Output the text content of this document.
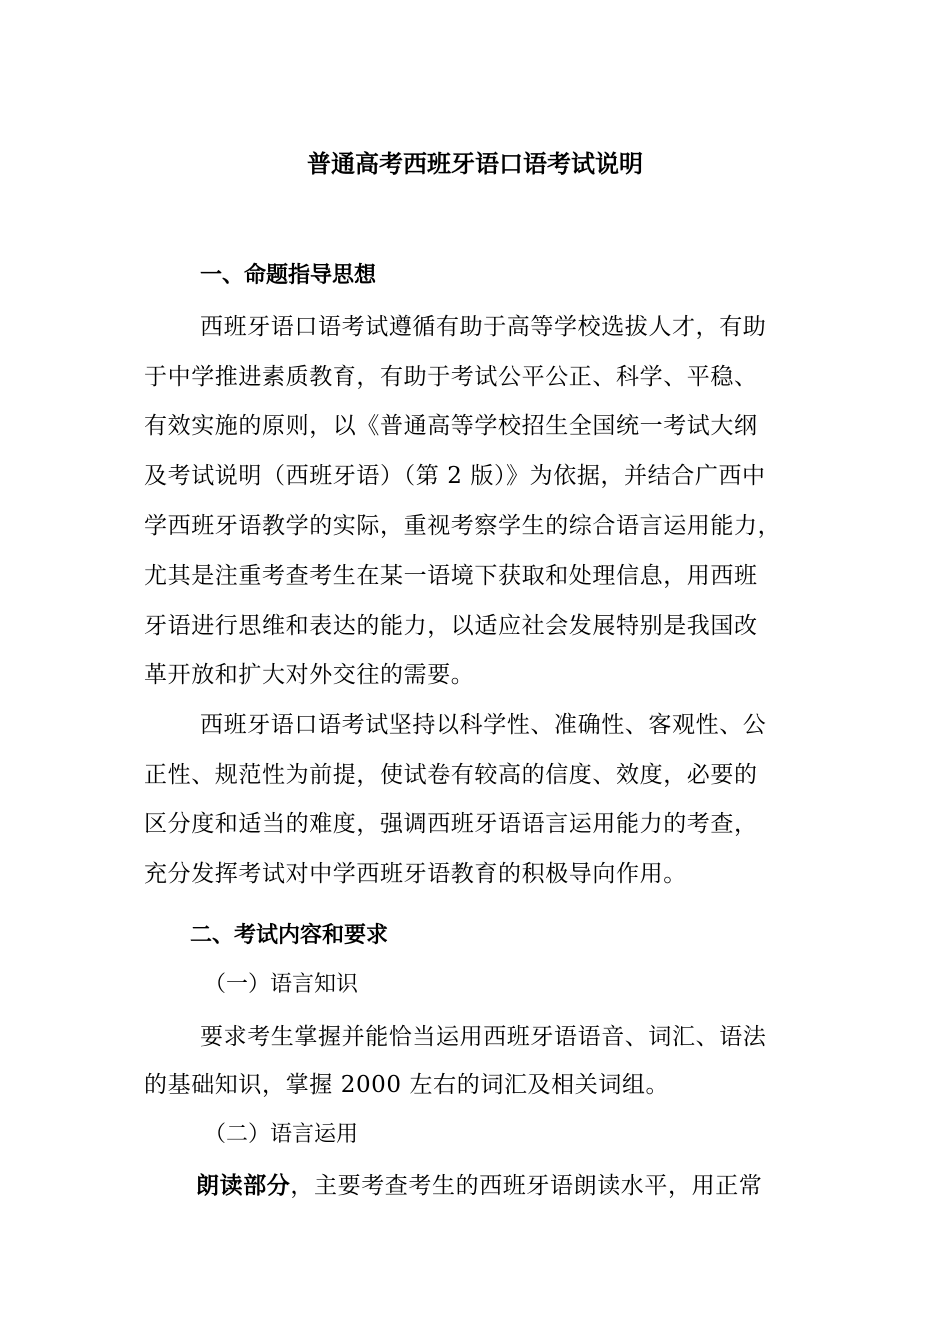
普通高考西班牙语口语考试说明
一、命题指导思想
西班牙语口语考试遵循有助于高等学校选拔人才，有助
于中学推进素质教育，有助于考试公平公正、科学、平稳、
有效实施的原则，以《普通高等学校招生全国统一考试大纲
及考试说明（西班牙语）（第 2 版）》为依据，并结合广西中
学西班牙语教学的实际，重视考察学生的综合语言运用能力，
尤其是注重考查考生在某一语境下获取和处理信息，用西班
牙语进行思维和表达的能力，以适应社会发展特别是我国改
革开放和扩大对外交往的需要。
西班牙语口语考试坚持以科学性、准确性、客观性、公
正性、规范性为前提，使试卷有较高的信度、效度，必要的
区分度和适当的难度，强调西班牙语语言运用能力的考查，
充分发挥考试对中学西班牙语教育的积极导向作用。
二、考试内容和要求
（一）语言知识
要求考生掌握并能恰当运用西班牙语语音、词汇、语法
的基础知识，掌握 2000 左右的词汇及相关词组。
（二）语言运用
朗读部分，主要考查考生的西班牙语朗读水平，用正常
